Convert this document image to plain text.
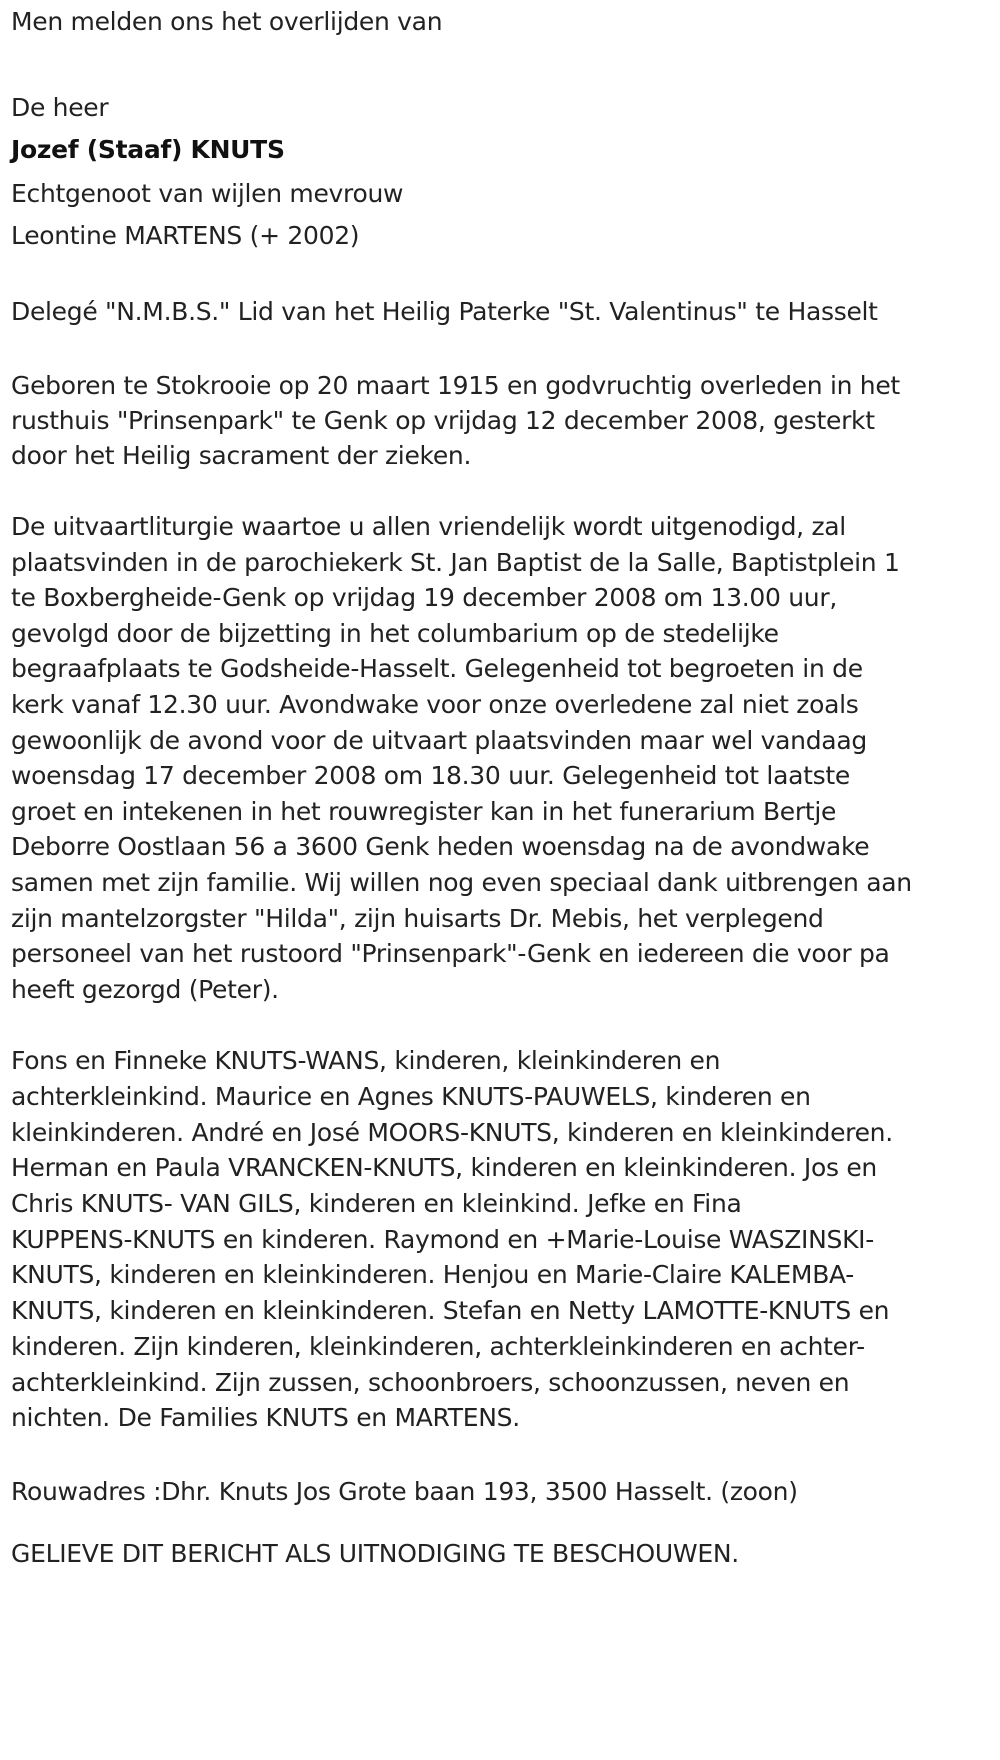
Men melden ons het overlijden van
De heer
Jozef (Staaf) KNUTS
Echtgenoot van wijlen mevrouw
Leontine MARTENS (+ 2002)
Delegé "N.M.B.S." Lid van het Heilig Paterke "St. Valentinus" te Hasselt
Geboren te Stokrooie op 20 maart 1915 en godvruchtig overleden in het
rusthuis "Prinsenpark" te Genk op vrijdag 12 december 2008, gesterkt
door het Heilig sacrament der zieken.
De uitvaartliturgie waartoe u allen vriendelijk wordt uitgenodigd, zal
plaatsvinden in de parochiekerk St. Jan Baptist de la Salle, Baptistplein 1
te Boxbergheide-Genk op vrijdag 19 december 2008 om 13.00 uur,
gevolgd door de bijzetting in het columbarium op de stedelijke
begraafplaats te Godsheide-Hasselt. Gelegenheid tot begroeten in de
kerk vanaf 12.30 uur. Avondwake voor onze overledene zal niet zoals
gewoonlijk de avond voor de uitvaart plaatsvinden maar wel vandaag
woensdag 17 december 2008 om 18.30 uur. Gelegenheid tot laatste
groet en intekenen in het rouwregister kan in het funerarium Bertje
Deborre Oostlaan 56 a 3600 Genk heden woensdag na de avondwake
samen met zijn familie. Wij willen nog even speciaal dank uitbrengen aan
zijn mantelzorgster "Hilda", zijn huisarts Dr. Mebis, het verplegend
personeel van het rustoord "Prinsenpark"-Genk en iedereen die voor pa
heeft gezorgd (Peter).
Fons en Finneke KNUTS-WANS, kinderen, kleinkinderen en
achterkleinkind. Maurice en Agnes KNUTS-PAUWELS, kinderen en
kleinkinderen. André en José MOORS-KNUTS, kinderen en kleinkinderen.
Herman en Paula VRANCKEN-KNUTS, kinderen en kleinkinderen. Jos en
Chris KNUTS- VAN GILS, kinderen en kleinkind. Jefke en Fina
KUPPENS-KNUTS en kinderen. Raymond en +Marie-Louise WASZINSKI-
KNUTS, kinderen en kleinkinderen. Henjou en Marie-Claire KALEMBA-
KNUTS, kinderen en kleinkinderen. Stefan en Netty LAMOTTE-KNUTS en
kinderen. Zijn kinderen, kleinkinderen, achterkleinkinderen en achter-
achterkleinkind. Zijn zussen, schoonbroers, schoonzussen, neven en
nichten. De Families KNUTS en MARTENS.
Rouwadres :Dhr. Knuts Jos Grote baan 193, 3500 Hasselt. (zoon)
GELIEVE DIT BERICHT ALS UITNODIGING TE BESCHOUWEN.
